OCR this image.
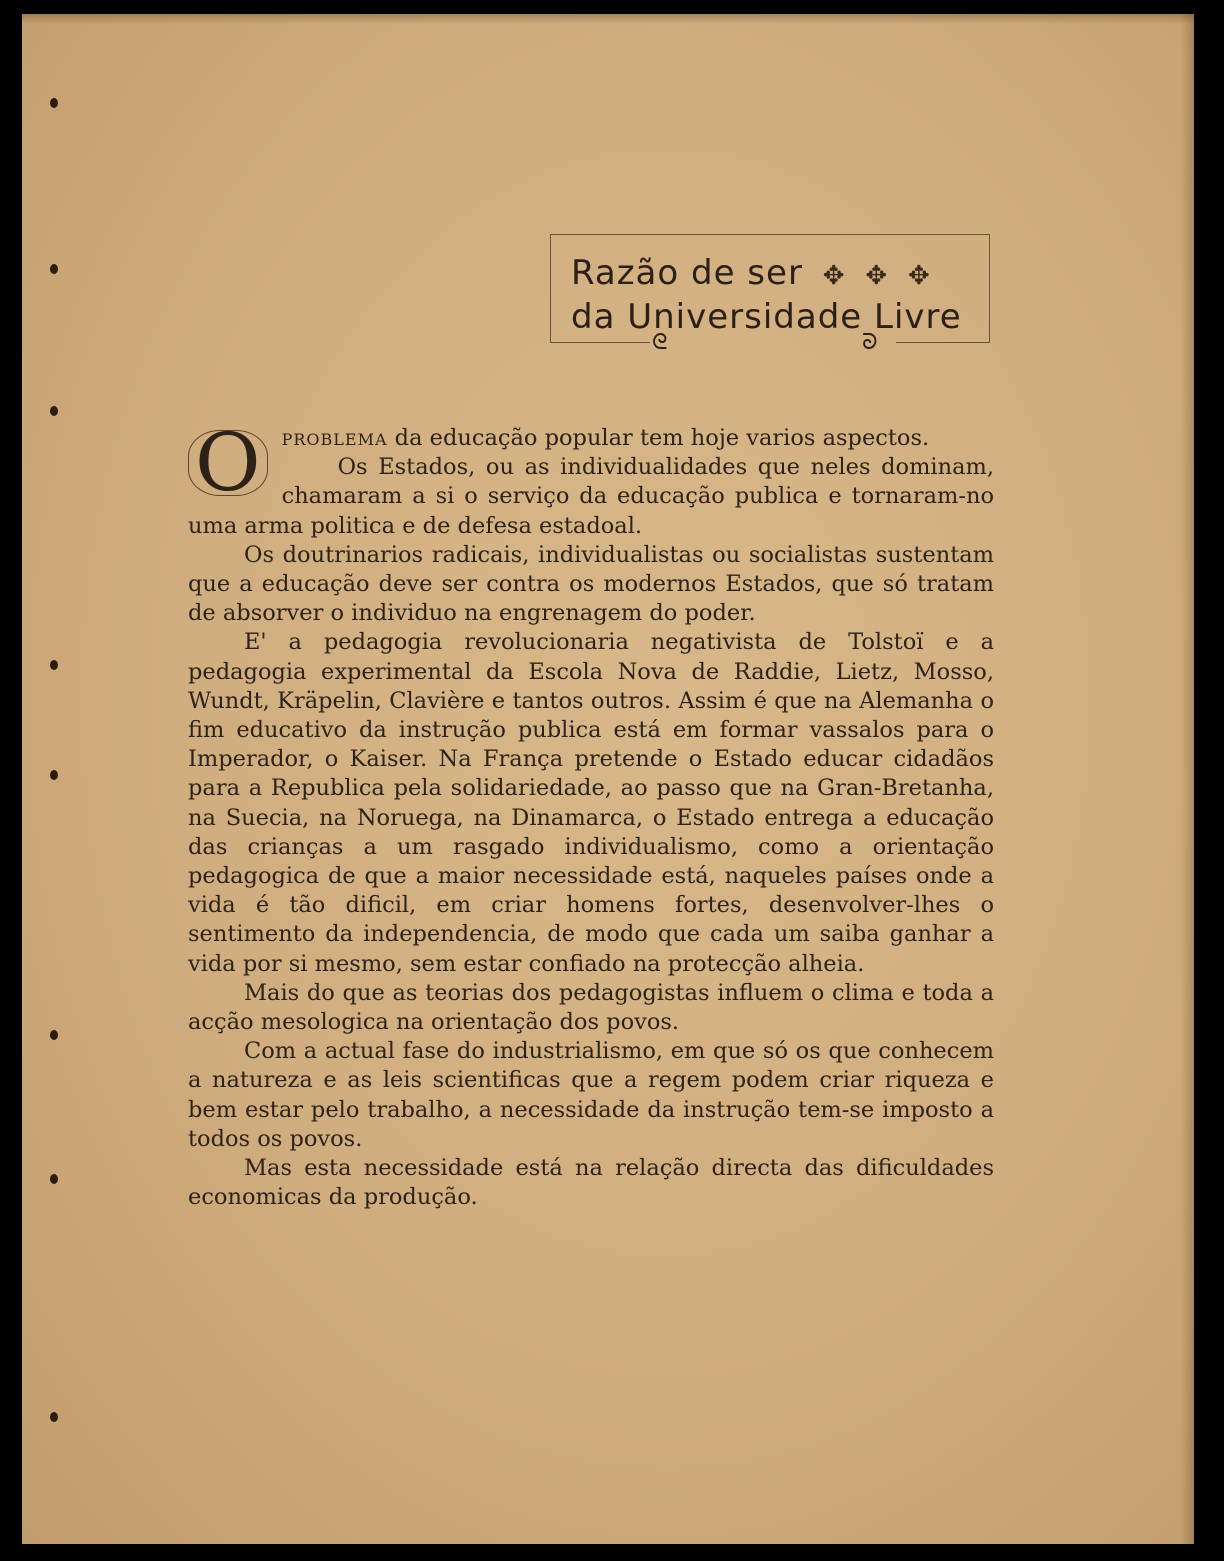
Razão de ser ✥ ✥ ✥
da Universidade Livre
ᘓ	ᘐ

O problema da educação popular tem hoje varios aspectos.

Os Estados, ou as individualidades que neles dominam, chamaram a si o serviço da educação publica e tornaram-no uma arma politica e de defesa estadoal.

Os doutrinarios radicais, individualistas ou socialistas sustentam que a educação deve ser contra os modernos Estados, que só tratam de absorver o individuo na engrenagem do poder.

E' a pedagogia revolucionaria negativista de Tolstoï e a pedagogia experimental da Escola Nova de Raddie, Lietz, Mosso, Wundt, Kräpelin, Clavière e tantos outros. Assim é que na Alemanha o fim educativo da instrução publica está em formar vassalos para o Imperador, o Kaiser. Na França pretende o Estado educar cidadãos para a Republica pela solidariedade, ao passo que na Gran-Bretanha, na Suecia, na Noruega, na Dinamarca, o Estado entrega a educação das crianças a um rasgado individualismo, como a orientação pedagogica de que a maior necessidade está, naqueles países onde a vida é tão dificil, em criar homens fortes, desenvolver-lhes o sentimento da independencia, de modo que cada um saiba ganhar a vida por si mesmo, sem estar confiado na protecção alheia.

Mais do que as teorias dos pedagogistas influem o clima e toda a acção mesologica na orientação dos povos.

Com a actual fase do industrialismo, em que só os que conhecem a natureza e as leis scientificas que a regem podem criar riqueza e bem estar pelo trabalho, a necessidade da instrução tem-se imposto a todos os povos.

Mas esta necessidade está na relação directa das dificuldades economicas da produção.
